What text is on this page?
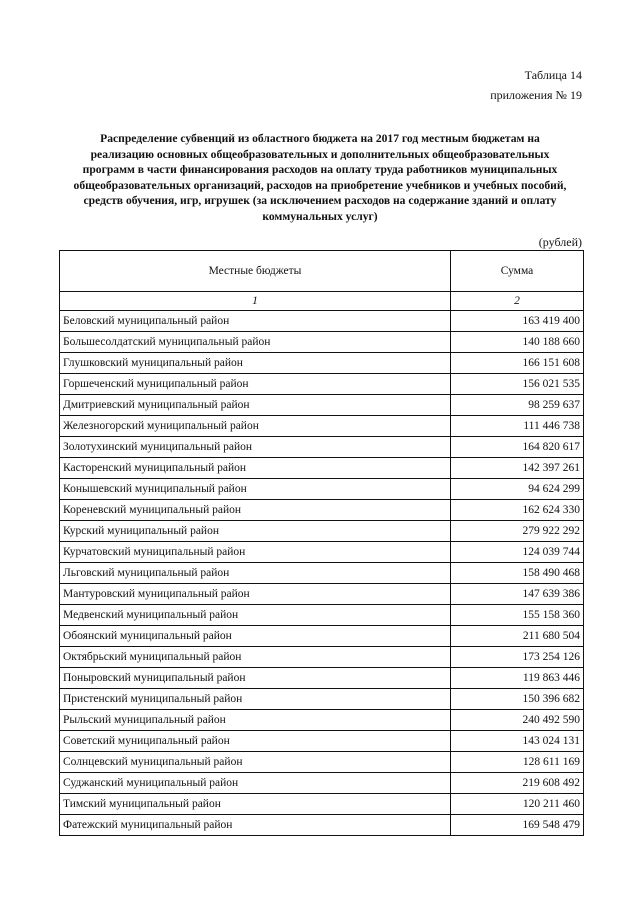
Таблица 14
приложения № 19
Распределение субвенций из областного бюджета на 2017 год местным бюджетам на
реализацию основных общеобразовательных и дополнительных общеобразовательных
программ в части финансирования расходов на оплату труда работников муниципальных
общеобразовательных организаций, расходов на приобретение учебников и учебных пособий,
средств обучения, игр, игрушек (за исключением расходов на содержание зданий и оплату
коммунальных услуг)
(рублей)
Местные бюджеты	Сумма
1	2
Беловский муниципальный район	163 419 400
Большесолдатский муниципальный район	140 188 660
Глушковский муниципальный район	166 151 608
Горшеченский муниципальный район	156 021 535
Дмитриевский муниципальный район	98 259 637
Железногорский муниципальный район	111 446 738
Золотухинский муниципальный район	164 820 617
Касторенский муниципальный район	142 397 261
Конышевский муниципальный район	94 624 299
Кореневский муниципальный район	162 624 330
Курский муниципальный район	279 922 292
Курчатовский муниципальный район	124 039 744
Льговский муниципальный район	158 490 468
Мантуровский муниципальный район	147 639 386
Медвенский муниципальный район	155 158 360
Обоянский муниципальный район	211 680 504
Октябрьский муниципальный район	173 254 126
Поныровский муниципальный район	119 863 446
Пристенский муниципальный район	150 396 682
Рыльский муниципальный район	240 492 590
Советский муниципальный район	143 024 131
Солнцевский муниципальный район	128 611 169
Суджанский муниципальный район	219 608 492
Тимский муниципальный район	120 211 460
Фатежский муниципальный район	169 548 479
